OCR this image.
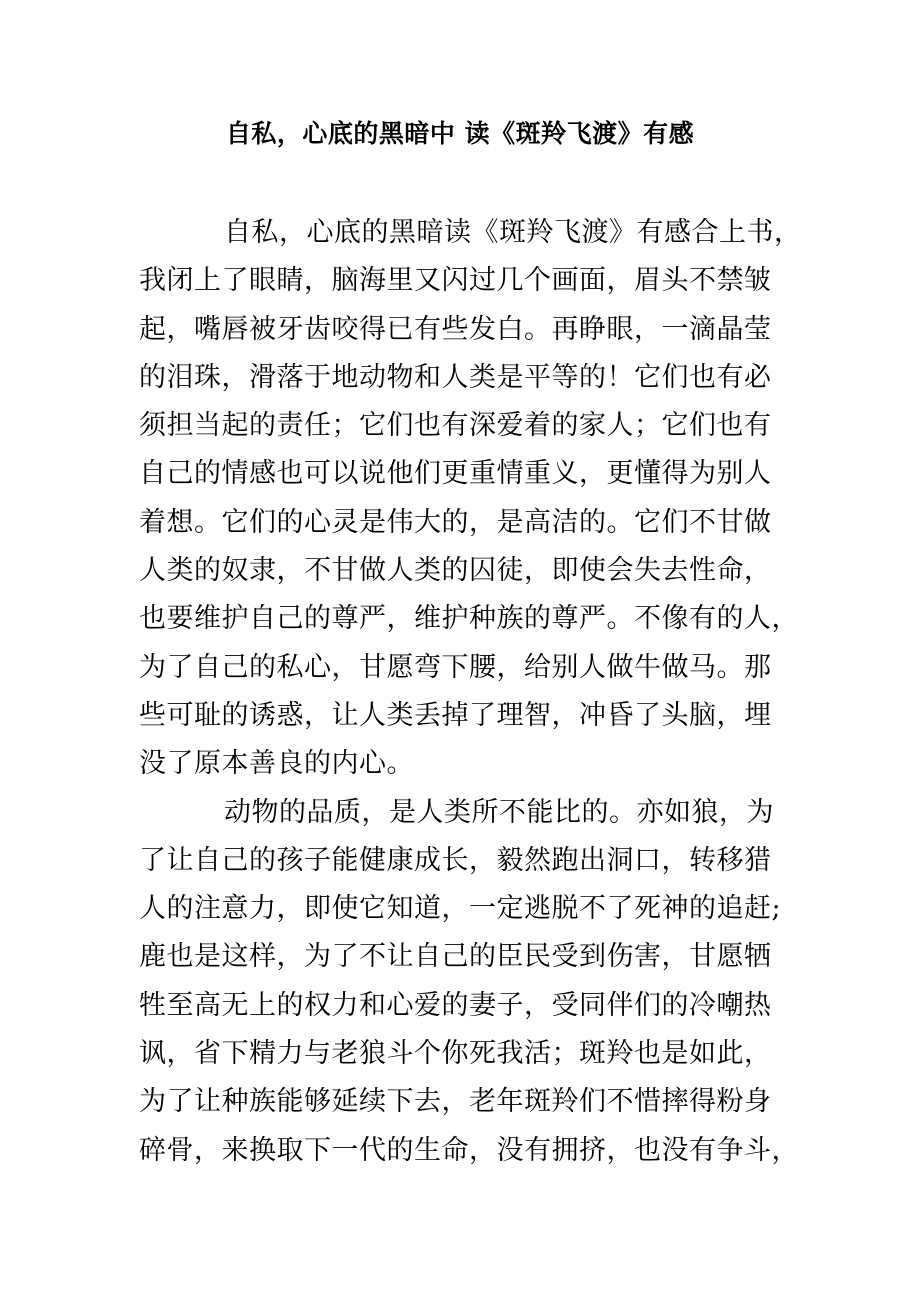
自私，心底的黑暗中 读《斑羚飞渡》有感
自私，心底的黑暗读《斑羚飞渡》有感合上书，
我闭上了眼睛，脑海里又闪过几个画面，眉头不禁皱
起，嘴唇被牙齿咬得已有些发白。再睁眼，一滴晶莹
的泪珠，滑落于地动物和人类是平等的！它们也有必
须担当起的责任；它们也有深爱着的家人；它们也有
自己的情感也可以说他们更重情重义，更懂得为别人
着想。它们的心灵是伟大的，是高洁的。它们不甘做
人类的奴隶，不甘做人类的囚徒，即使会失去性命，
也要维护自己的尊严，维护种族的尊严。不像有的人，
为了自己的私心，甘愿弯下腰，给别人做牛做马。那
些可耻的诱惑，让人类丢掉了理智，冲昏了头脑，埋
没了原本善良的内心。
动物的品质，是人类所不能比的。亦如狼，为
了让自己的孩子能健康成长，毅然跑出洞口，转移猎
人的注意力，即使它知道，一定逃脱不了死神的追赶;
鹿也是这样，为了不让自己的臣民受到伤害，甘愿牺
牲至高无上的权力和心爱的妻子，受同伴们的冷嘲热
讽，省下精力与老狼斗个你死我活；斑羚也是如此，
为了让种族能够延续下去，老年斑羚们不惜摔得粉身
碎骨，来换取下一代的生命，没有拥挤，也没有争斗，
